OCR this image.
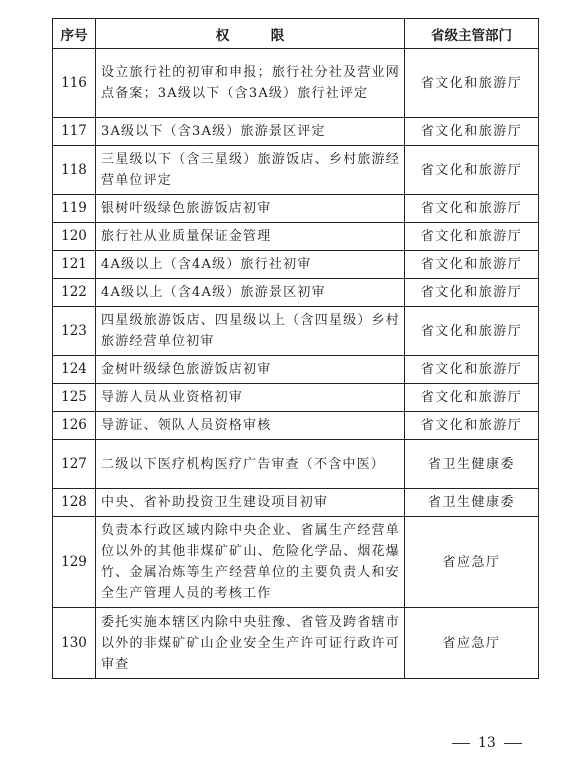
序号	权　限	省级主管部门
116	设立旅行社的初审和申报；旅行社分社及营业网点备案；3A级以下（含3A级）旅行社评定	省文化和旅游厅
117	3A级以下（含3A级）旅游景区评定	省文化和旅游厅
118	三星级以下（含三星级）旅游饭店、乡村旅游经营单位评定	省文化和旅游厅
119	银树叶级绿色旅游饭店初审	省文化和旅游厅
120	旅行社从业质量保证金管理	省文化和旅游厅
121	4A级以上（含4A级）旅行社初审	省文化和旅游厅
122	4A级以上（含4A级）旅游景区初审	省文化和旅游厅
123	四星级旅游饭店、四星级以上（含四星级）乡村旅游经营单位初审	省文化和旅游厅
124	金树叶级绿色旅游饭店初审	省文化和旅游厅
125	导游人员从业资格初审	省文化和旅游厅
126	导游证、领队人员资格审核	省文化和旅游厅
127	二级以下医疗机构医疗广告审查（不含中医）	省卫生健康委
128	中央、省补助投资卫生建设项目初审	省卫生健康委
129	负责本行政区域内除中央企业、省属生产经营单位以外的其他非煤矿矿山、危险化学品、烟花爆竹、金属冶炼等生产经营单位的主要负责人和安全生产管理人员的考核工作	省应急厅
130	委托实施本辖区内除中央驻豫、省管及跨省辖市以外的非煤矿矿山企业安全生产许可证行政许可审查	省应急厅
13
